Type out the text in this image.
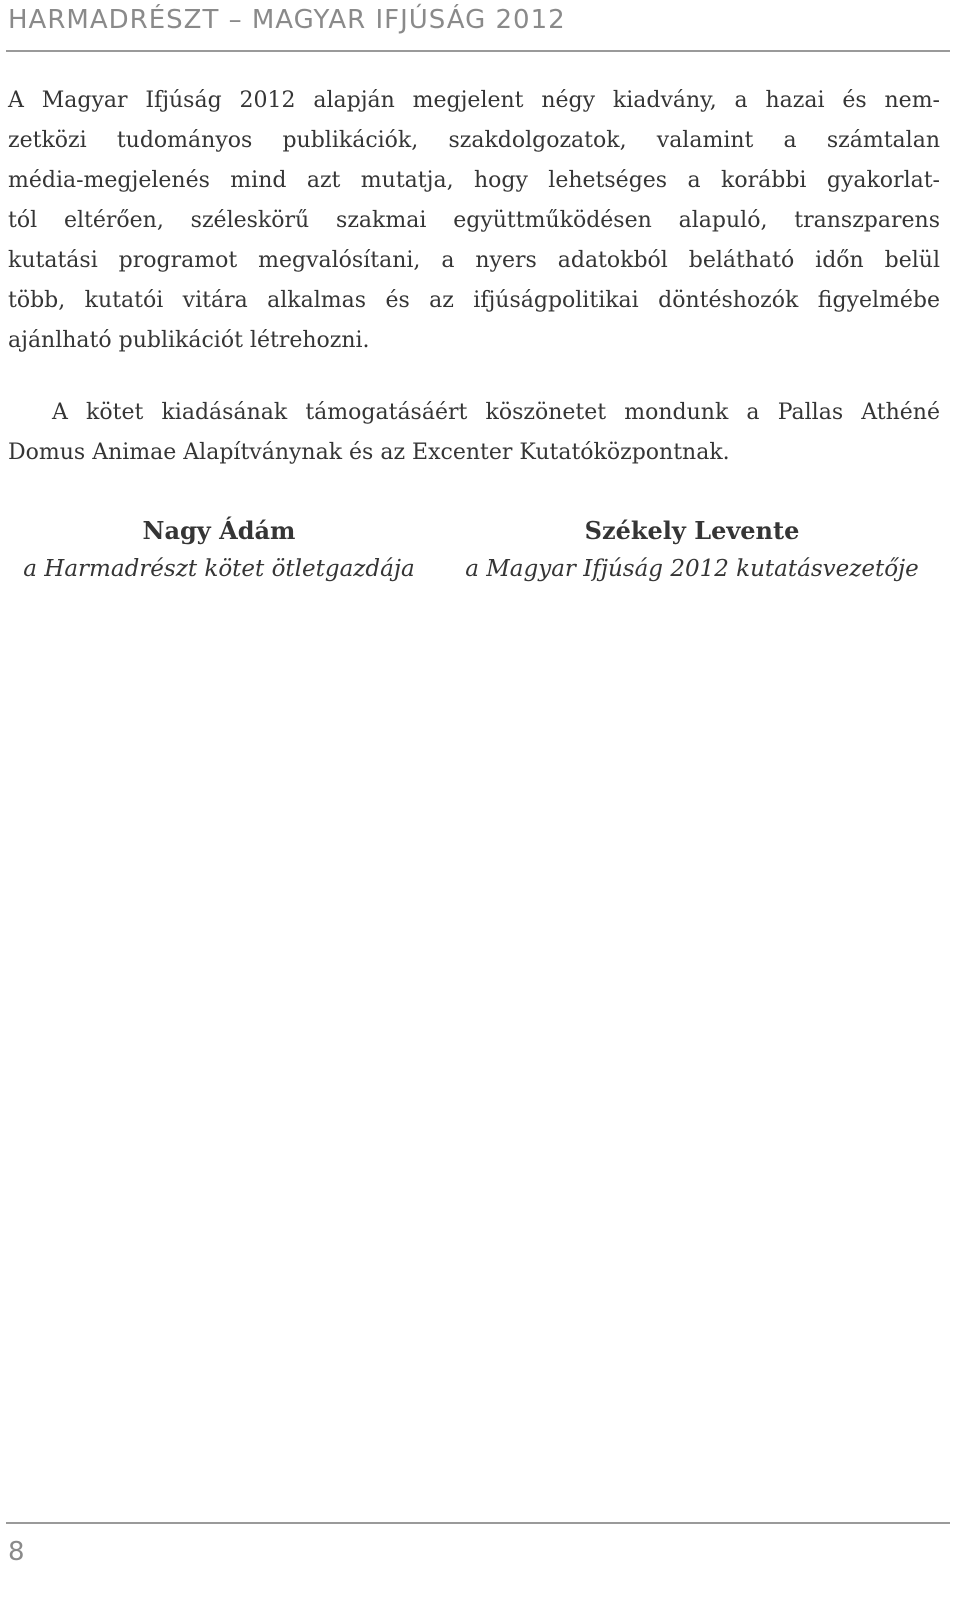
HARMADRÉSZT – MAGYAR IFJÚSÁG 2012
A Magyar Ifjúság 2012 alapján megjelent négy kiadvány, a hazai és nem-
zetközi tudományos publikációk, szakdolgozatok, valamint a számtalan
média-megjelenés mind azt mutatja, hogy lehetséges a korábbi gyakorlat-
tól eltérően, széleskörű szakmai együttműködésen alapuló, transzparens
kutatási programot megvalósítani, a nyers adatokból belátható időn belül
több, kutatói vitára alkalmas és az ifjúságpolitikai döntéshozók figyelmébe
ajánlható publikációt létrehozni.
A kötet kiadásának támogatásáért köszönetet mondunk a Pallas Athéné
Domus Animae Alapítványnak és az Excenter Kutatóközpontnak.
Nagy Ádám
a Harmadrészt kötet ötletgazdája
Székely Levente
a Magyar Ifjúság 2012 kutatásvezetője
8
